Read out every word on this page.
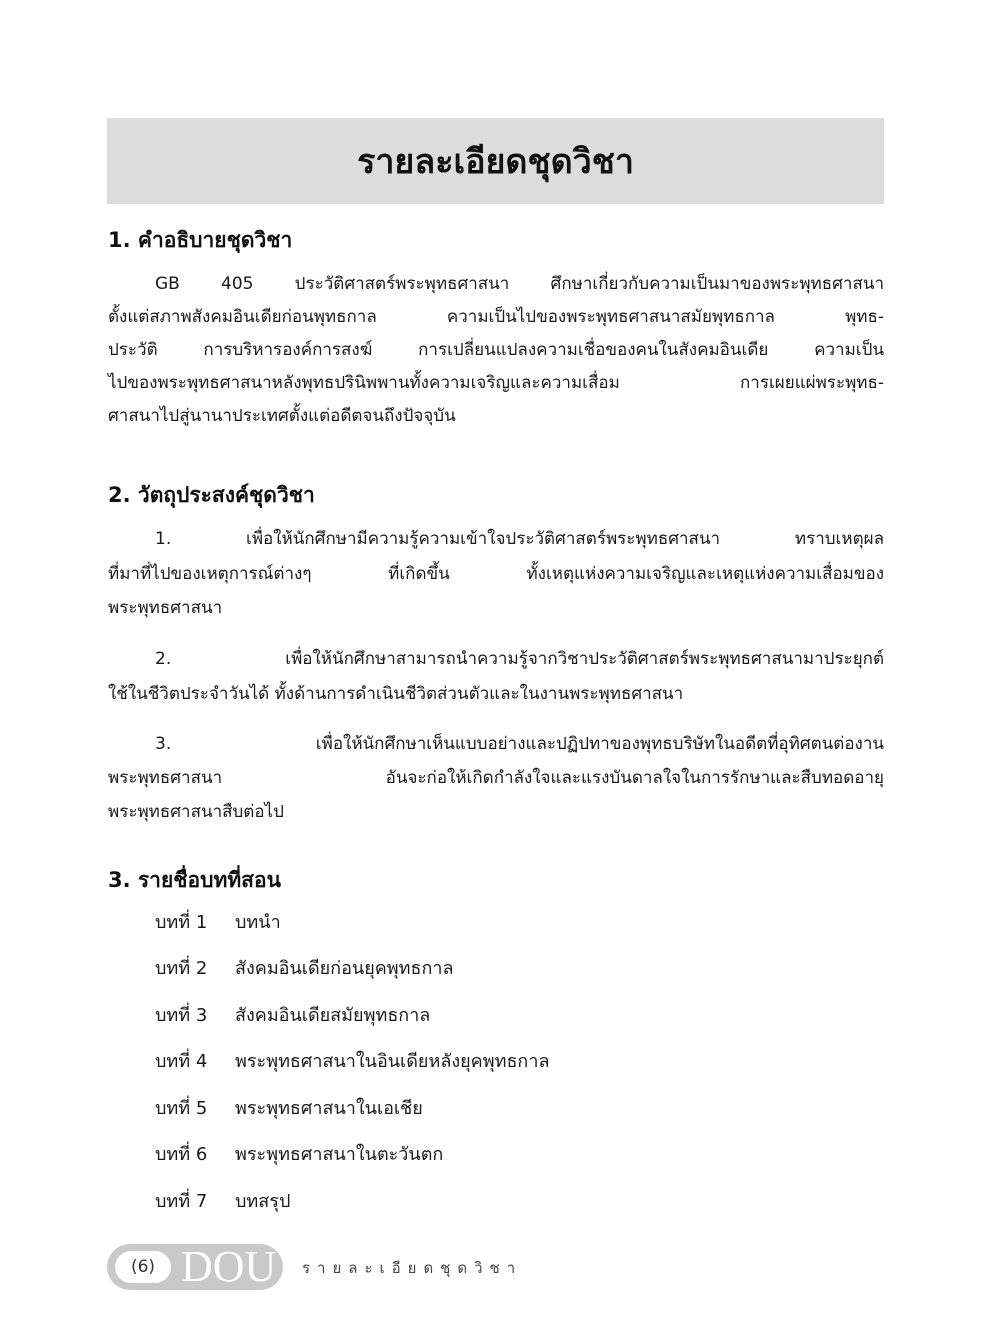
รายละเอียดชุดวิชา
1. คำอธิบายชุดวิชา
GB 405 ประวัติศาสตร์พระพุทธศาสนา ศึกษาเกี่ยวกับความเป็นมาของพระพุทธศาสนา
ตั้งแต่สภาพสังคมอินเดียก่อนพุทธกาล ความเป็นไปของพระพุทธศาสนาสมัยพุทธกาล พุทธ-
ประวัติ การบริหารองค์การสงฆ์ การเปลี่ยนแปลงความเชื่อของคนในสังคมอินเดีย ความเป็น
ไปของพระพุทธศาสนาหลังพุทธปรินิพพานทั้งความเจริญและความเสื่อม การเผยแผ่พระพุทธ-
ศาสนาไปสู่นานาประเทศตั้งแต่อดีตจนถึงปัจจุบัน
2. วัตถุประสงค์ชุดวิชา
1. เพื่อให้นักศึกษามีความรู้ความเข้าใจประวัติศาสตร์พระพุทธศาสนา ทราบเหตุผล
ที่มาที่ไปของเหตุการณ์ต่างๆ ที่เกิดขึ้น ทั้งเหตุแห่งความเจริญและเหตุแห่งความเสื่อมของ
พระพุทธศาสนา
2. เพื่อให้นักศึกษาสามารถนำความรู้จากวิชาประวัติศาสตร์พระพุทธศาสนามาประยุกต์
ใช้ในชีวิตประจำวันได้ ทั้งด้านการดำเนินชีวิตส่วนตัวและในงานพระพุทธศาสนา
3. เพื่อให้นักศึกษาเห็นแบบอย่างและปฏิปทาของพุทธบริษัทในอดีตที่อุทิศตนต่องาน
พระพุทธศาสนา อันจะก่อให้เกิดกำลังใจและแรงบันดาลใจในการรักษาและสืบทอดอายุ
พระพุทธศาสนาสืบต่อไป
3. รายชื่อบทที่สอน
บทที่ 1 บทนำ
บทที่ 2 สังคมอินเดียก่อนยุคพุทธกาล
บทที่ 3 สังคมอินเดียสมัยพุทธกาล
บทที่ 4 พระพุทธศาสนาในอินเดียหลังยุคพุทธกาล
บทที่ 5 พระพุทธศาสนาในเอเชีย
บทที่ 6 พระพุทธศาสนาในตะวันตก
บทที่ 7 บทสรุป
(6) DOU รายละเอียดชุดวิชา
